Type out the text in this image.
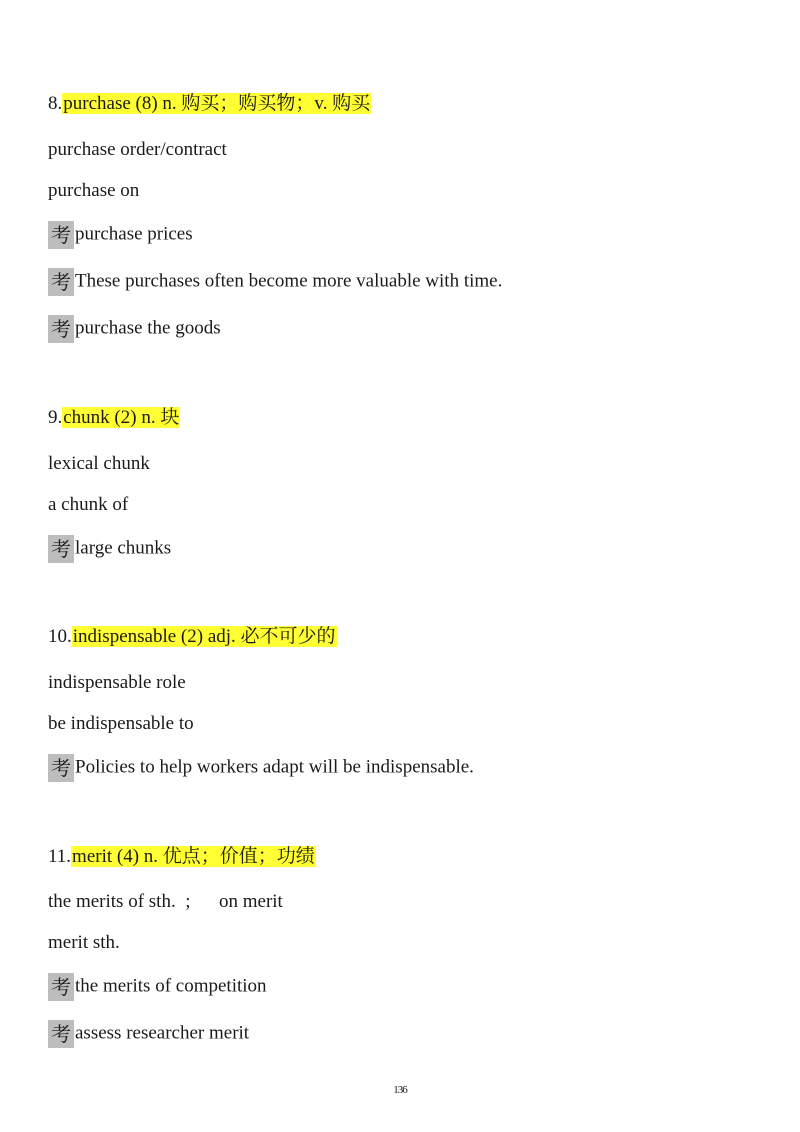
8.purchase (8) n. 购买；购买物；v. 购买
purchase order/contract
purchase on
考 purchase prices
考 These purchases often become more valuable with time.
考 purchase the goods
9.chunk (2) n. 块
lexical chunk
a chunk of
考 large chunks
10.indispensable (2) adj. 必不可少的
indispensable role
be indispensable to
考 Policies to help workers adapt will be indispensable.
11.merit (4) n. 优点；价值；功绩
the merits of sth.  ;      on merit
merit sth.
考 the merits of competition
考 assess researcher merit
136
